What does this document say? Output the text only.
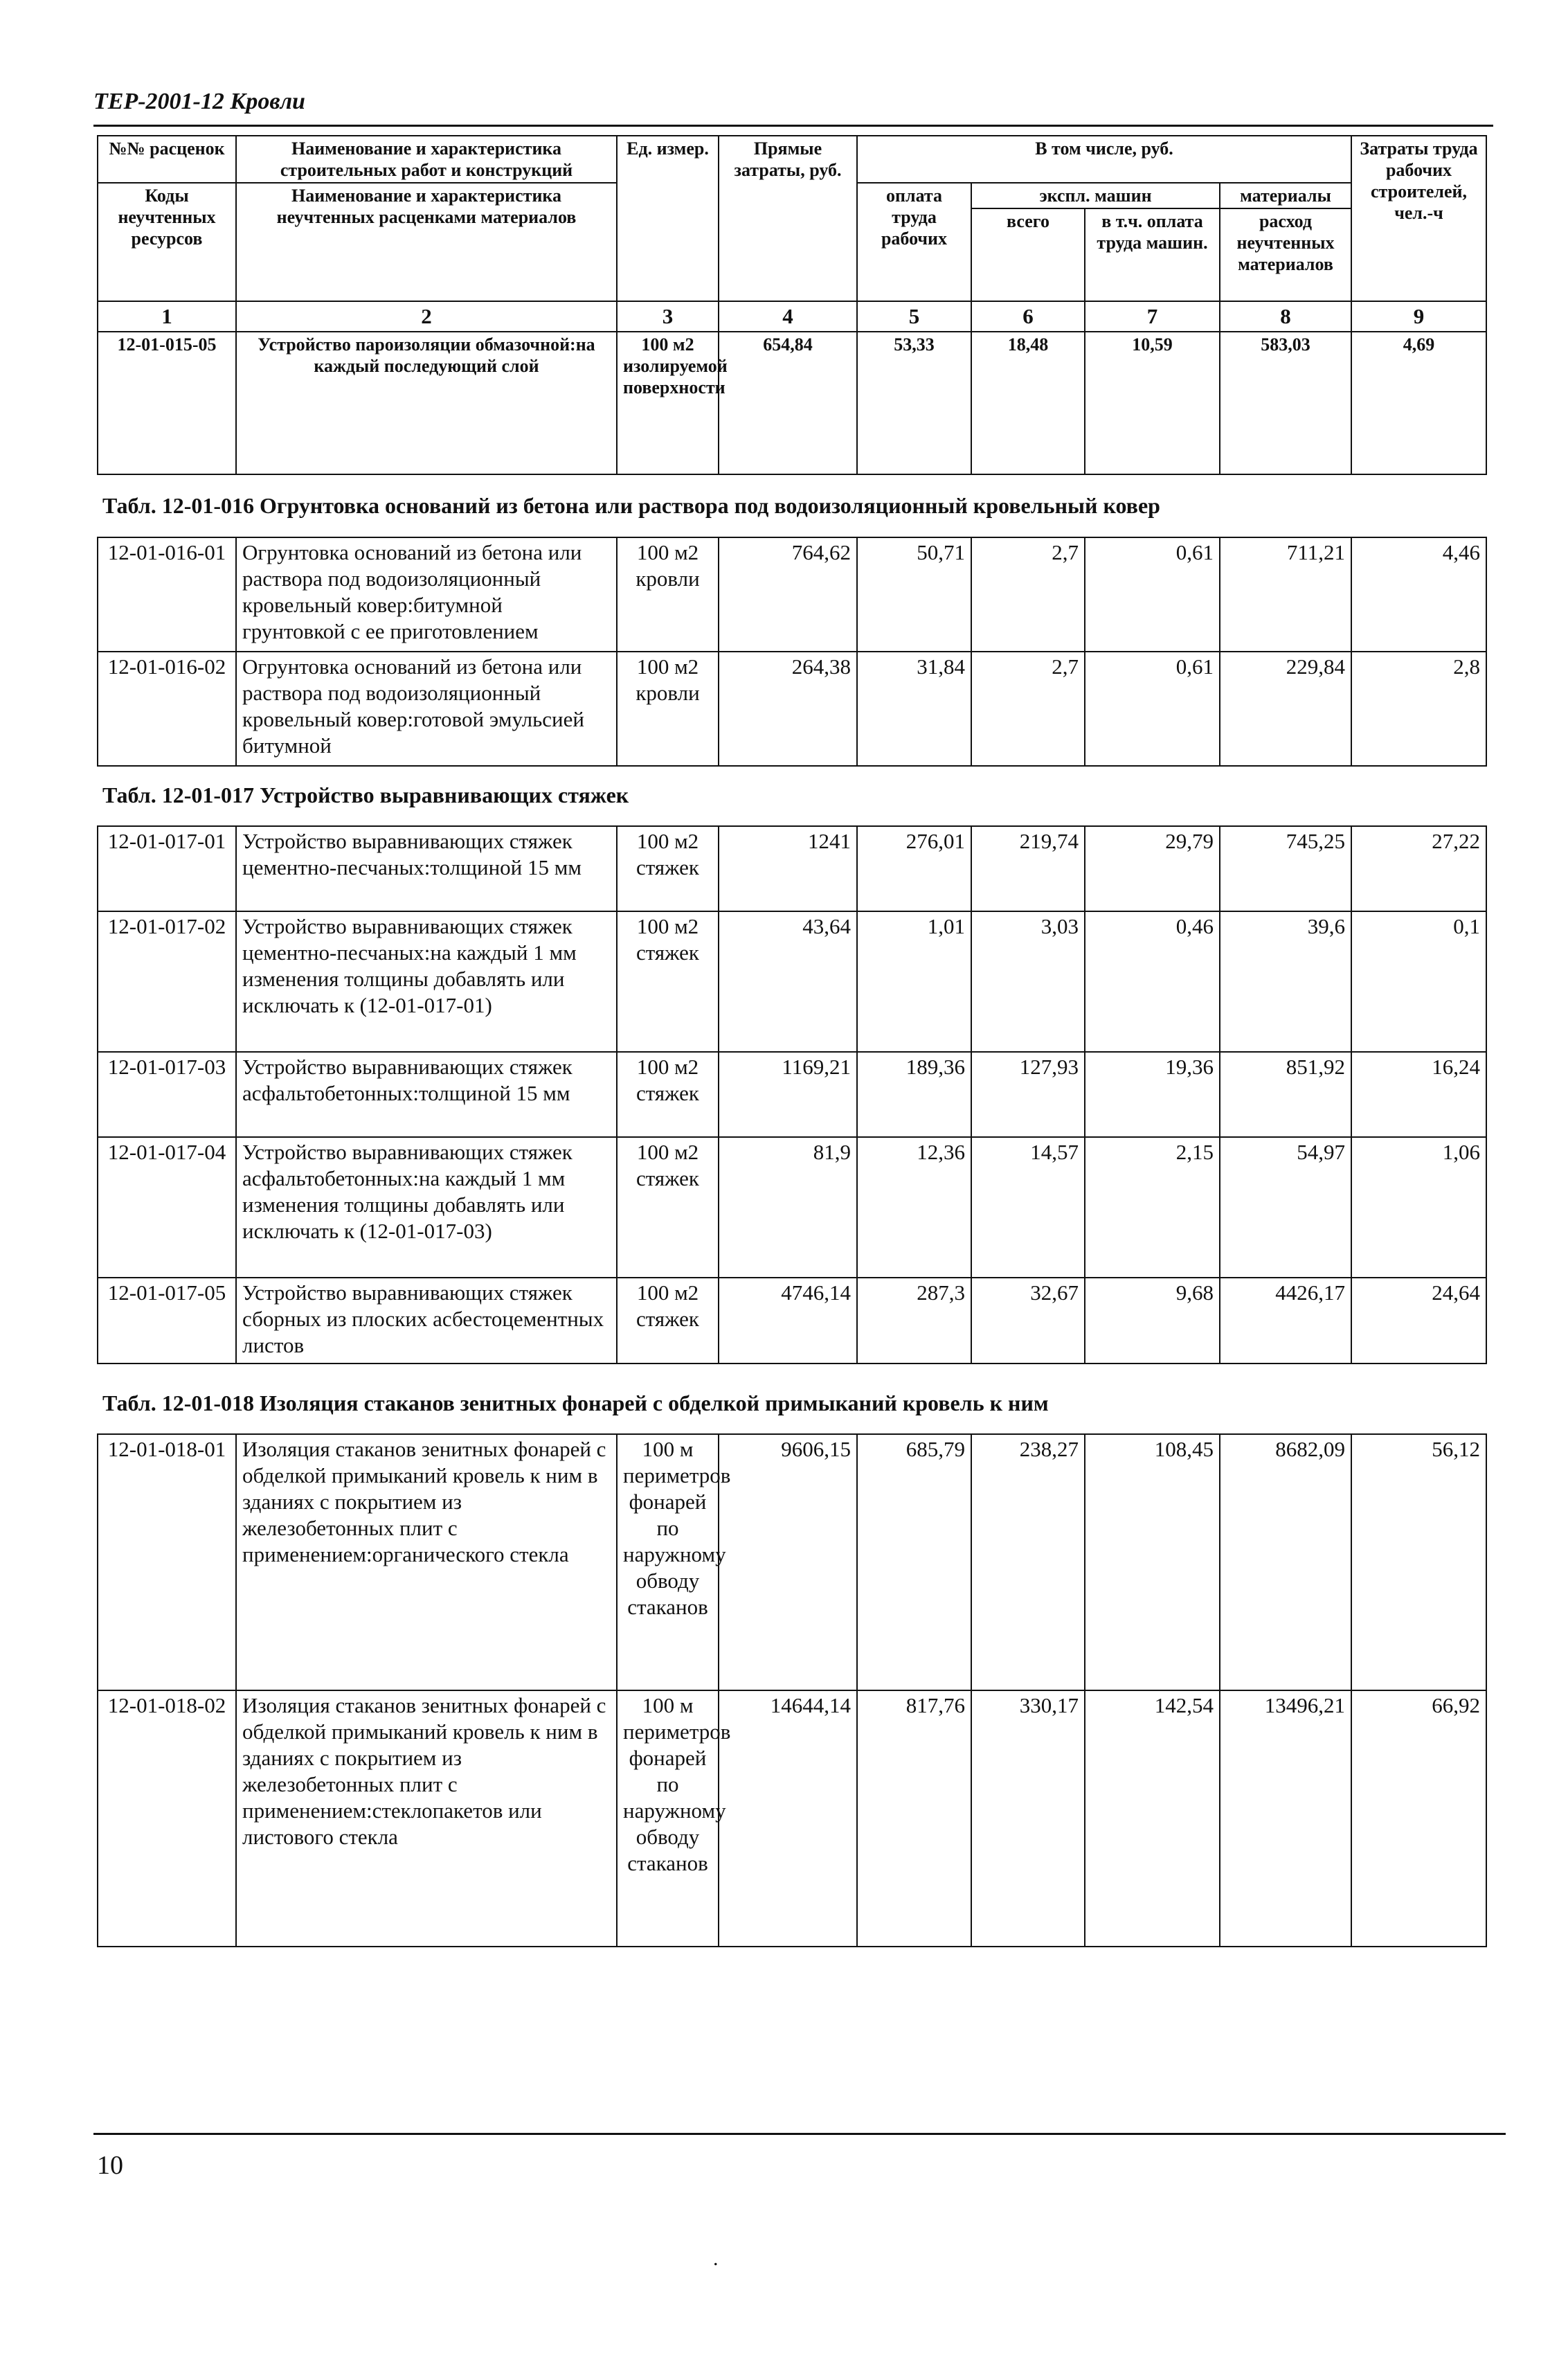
ТЕР-2001-12 Кровли
№№ расценок	Наименование и характеристика строительных работ и конструкций	Ед. измер.	Прямые затраты, руб.	В том числе, руб.				Затраты труда рабочих строителей, чел.-ч
Коды неучтенных ресурсов	Наименование и характеристика неучтенных расценками материалов			оплата труда рабочих	экспл. машин		материалы	
					всего	в т.ч. оплата труда машин.	расход неучтенных материалов	
1	2	3	4	5	6	7	8	9
12-01-015-05	Устройство пароизоляции обмазочной:на каждый последующий слой	100 м2 изолируемой поверхности	654,84	53,33	18,48	10,59	583,03	4,69
Табл. 12-01-016 Огрунтовка оснований из бетона или раствора под водоизоляционный кровельный ковер
12-01-016-01	Огрунтовка оснований из бетона или раствора под водоизоляционный кровельный ковер:битумной грунтовкой с ее приготовлением	100 м2 кровли	764,62	50,71	2,7	0,61	711,21	4,46
12-01-016-02	Огрунтовка оснований из бетона или раствора под водоизоляционный кровельный ковер:готовой эмульсией битумной	100 м2 кровли	264,38	31,84	2,7	0,61	229,84	2,8
Табл. 12-01-017 Устройство выравнивающих стяжек
12-01-017-01	Устройство выравнивающих стяжек цементно-песчаных:толщиной 15 мм	100 м2 стяжек	1241	276,01	219,74	29,79	745,25	27,22
12-01-017-02	Устройство выравнивающих стяжек цементно-песчаных:на каждый 1 мм изменения толщины добавлять или исключать к (12-01-017-01)	100 м2 стяжек	43,64	1,01	3,03	0,46	39,6	0,1
12-01-017-03	Устройство выравнивающих стяжек асфальтобетонных:толщиной 15 мм	100 м2 стяжек	1169,21	189,36	127,93	19,36	851,92	16,24
12-01-017-04	Устройство выравнивающих стяжек асфальтобетонных:на каждый 1 мм изменения толщины добавлять или исключать к (12-01-017-03)	100 м2 стяжек	81,9	12,36	14,57	2,15	54,97	1,06
12-01-017-05	Устройство выравнивающих стяжек сборных из плоских асбестоцементных листов	100 м2 стяжек	4746,14	287,3	32,67	9,68	4426,17	24,64
Табл. 12-01-018 Изоляция стаканов зенитных фонарей с обделкой примыканий кровель к ним
12-01-018-01	Изоляция стаканов зенитных фонарей с обделкой примыканий кровель к ним в зданиях с покрытием из железобетонных плит с применением:органического стекла	100 м периметров фонарей по наружному обводу стаканов	9606,15	685,79	238,27	108,45	8682,09	56,12
12-01-018-02	Изоляция стаканов зенитных фонарей с обделкой примыканий кровель к ним в зданиях с покрытием из железобетонных плит с применением:стеклопакетов или листового стекла	100 м периметров фонарей по наружному обводу стаканов	14644,14	817,76	330,17	142,54	13496,21	66,92
10
.
